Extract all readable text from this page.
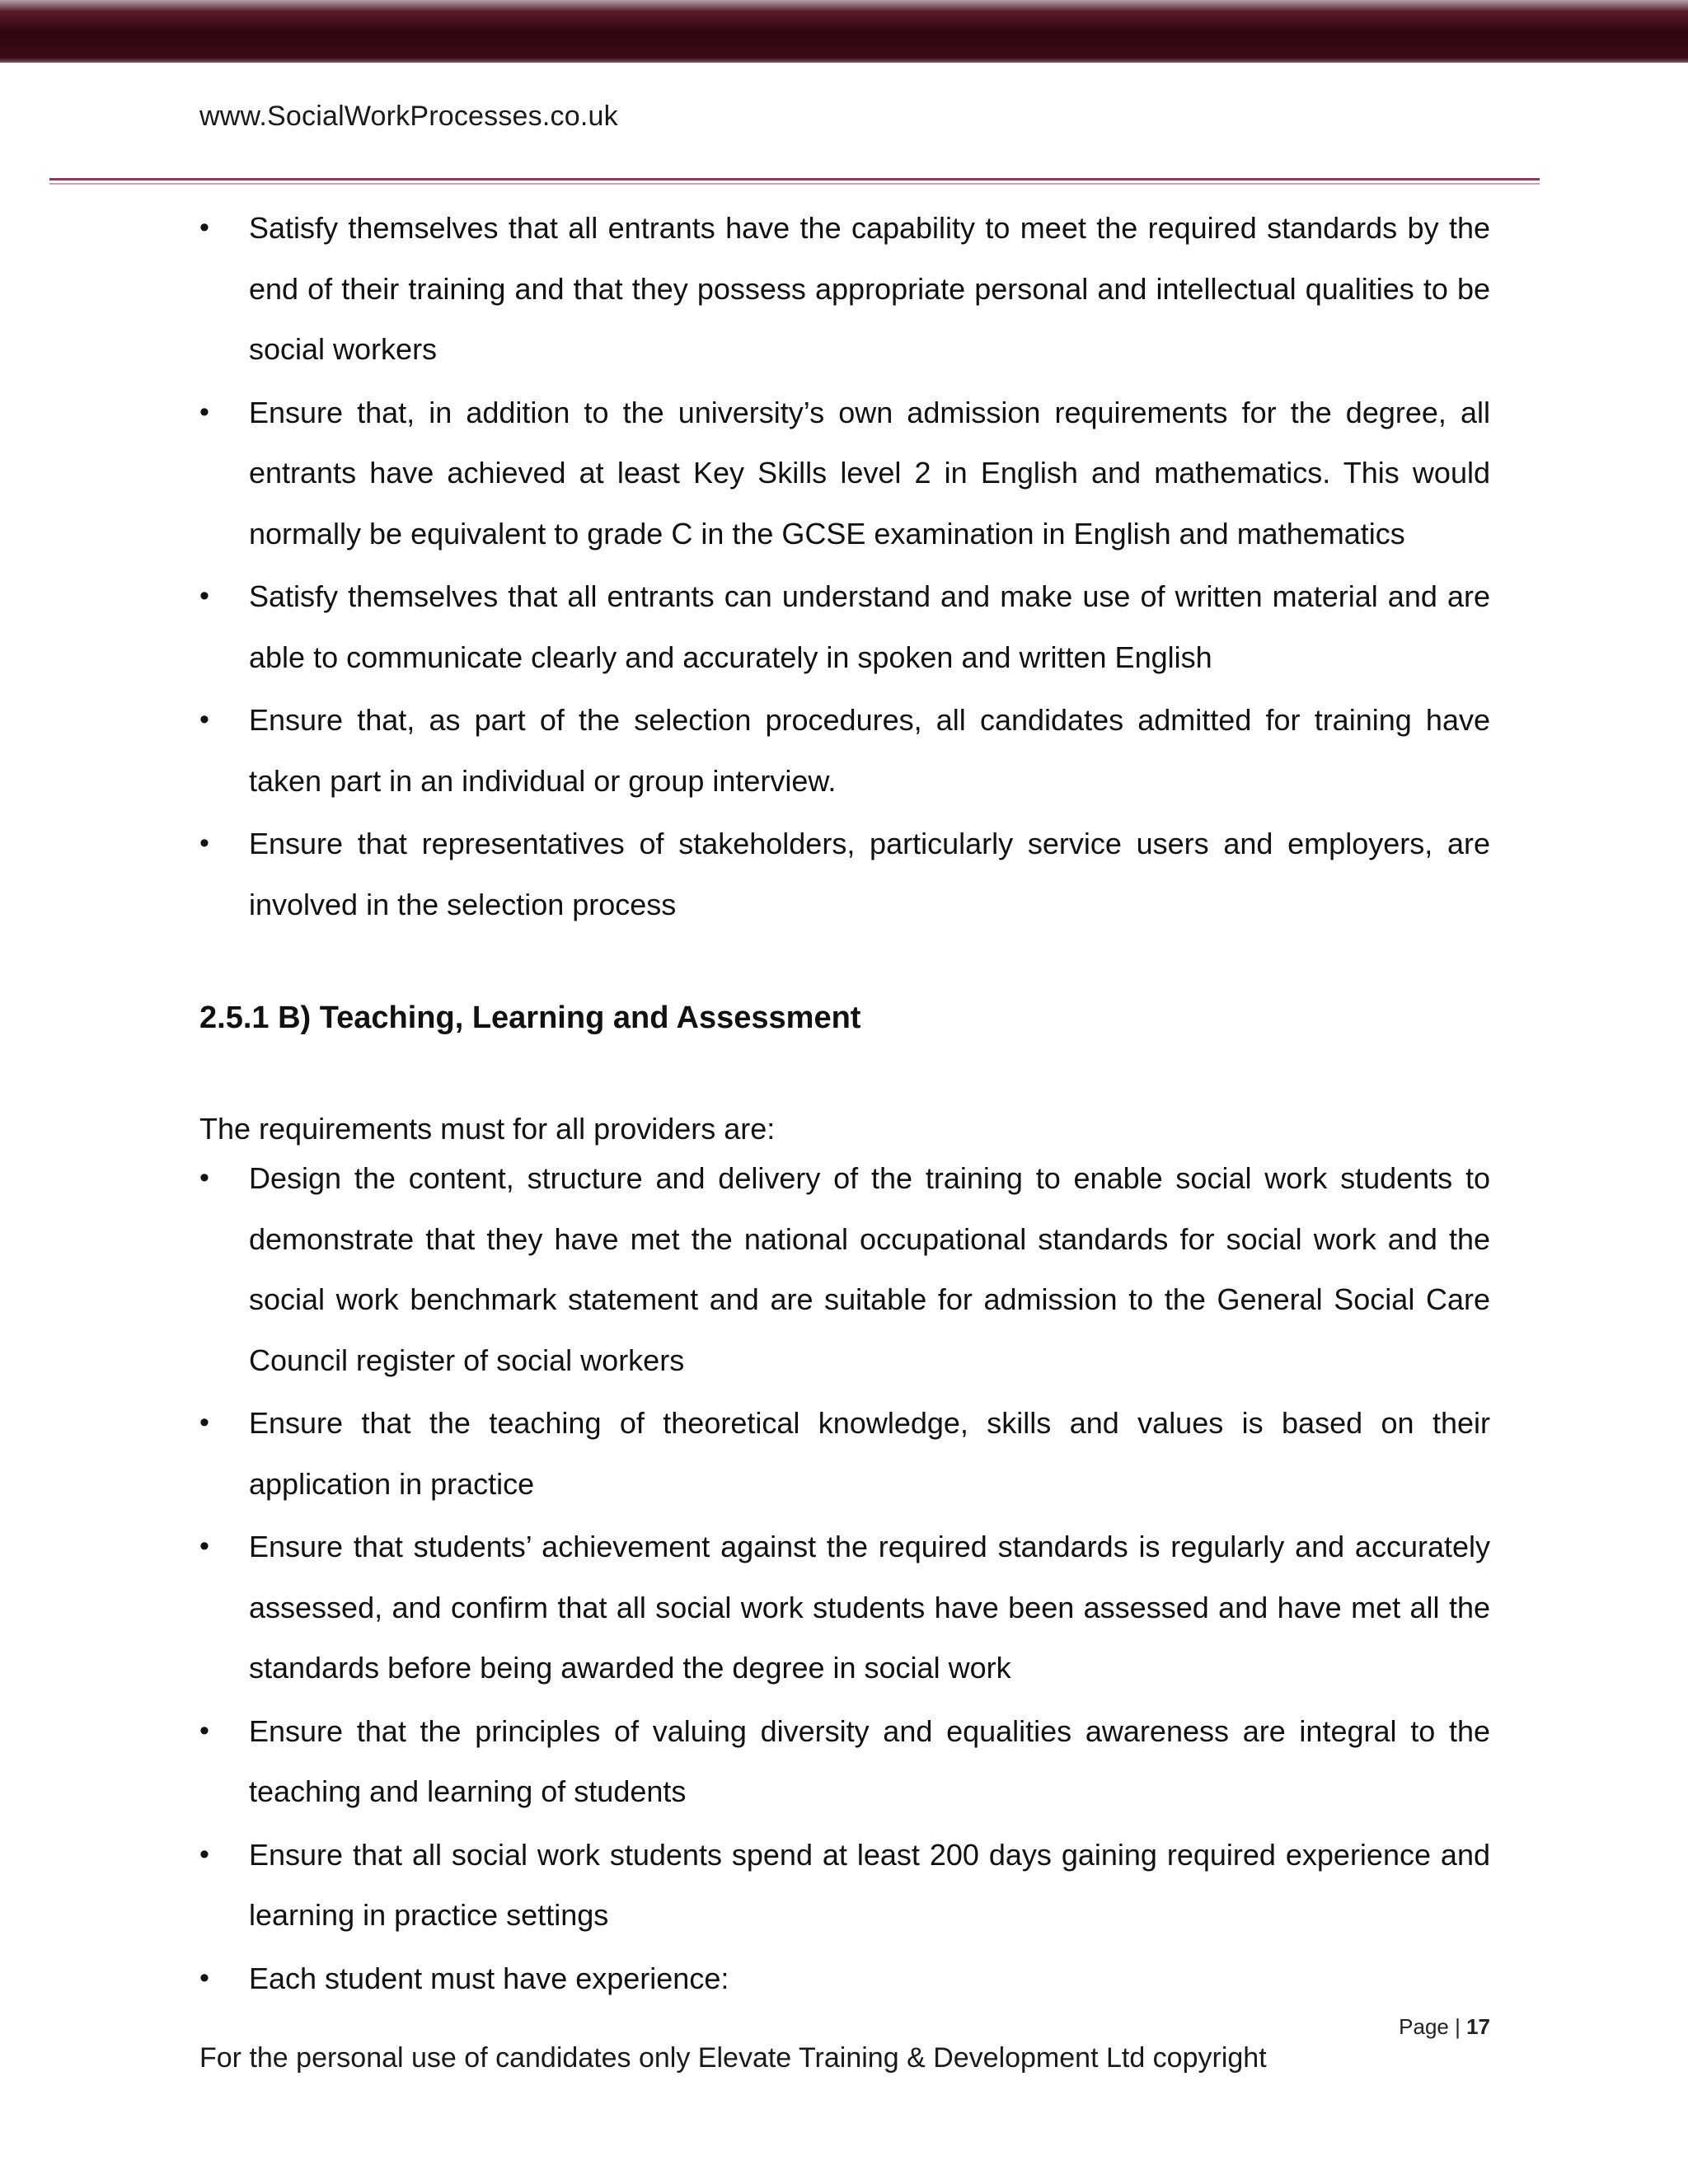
www.SocialWorkProcesses.co.uk
•	Satisfy themselves that all entrants have the capability to meet the required standards by the end of their training and that they possess appropriate personal and intellectual qualities to be social workers
•	Ensure that, in addition to the university’s own admission requirements for the degree, all entrants have achieved at least Key Skills level 2 in English and mathematics. This would normally be equivalent to grade C in the GCSE examination in English and mathematics
•	Satisfy themselves that all entrants can understand and make use of written material and are able to communicate clearly and accurately in spoken and written English
•	Ensure that, as part of the selection procedures, all candidates admitted for training have taken part in an individual or group interview.
•	Ensure that representatives of stakeholders, particularly service users and employers, are involved in the selection process
2.5.1 B) Teaching, Learning and Assessment
The requirements must for all providers are:
•	Design the content, structure and delivery of the training to enable social work students to demonstrate that they have met the national occupational standards for social work and the social work benchmark statement and are suitable for admission to the General Social Care Council register of social workers
•	Ensure that the teaching of theoretical knowledge, skills and values is based on their application in practice
•	Ensure that students’ achievement against the required standards is regularly and accurately assessed, and confirm that all social work students have been assessed and have met all the standards before being awarded the degree in social work
•	Ensure that the principles of valuing diversity and equalities awareness are integral to the teaching and learning of students
•	Ensure that all social work students spend at least 200 days gaining required experience and learning in practice settings
•	Each student must have experience:
Page | 17
For the personal use of candidates only Elevate Training & Development Ltd copyright
